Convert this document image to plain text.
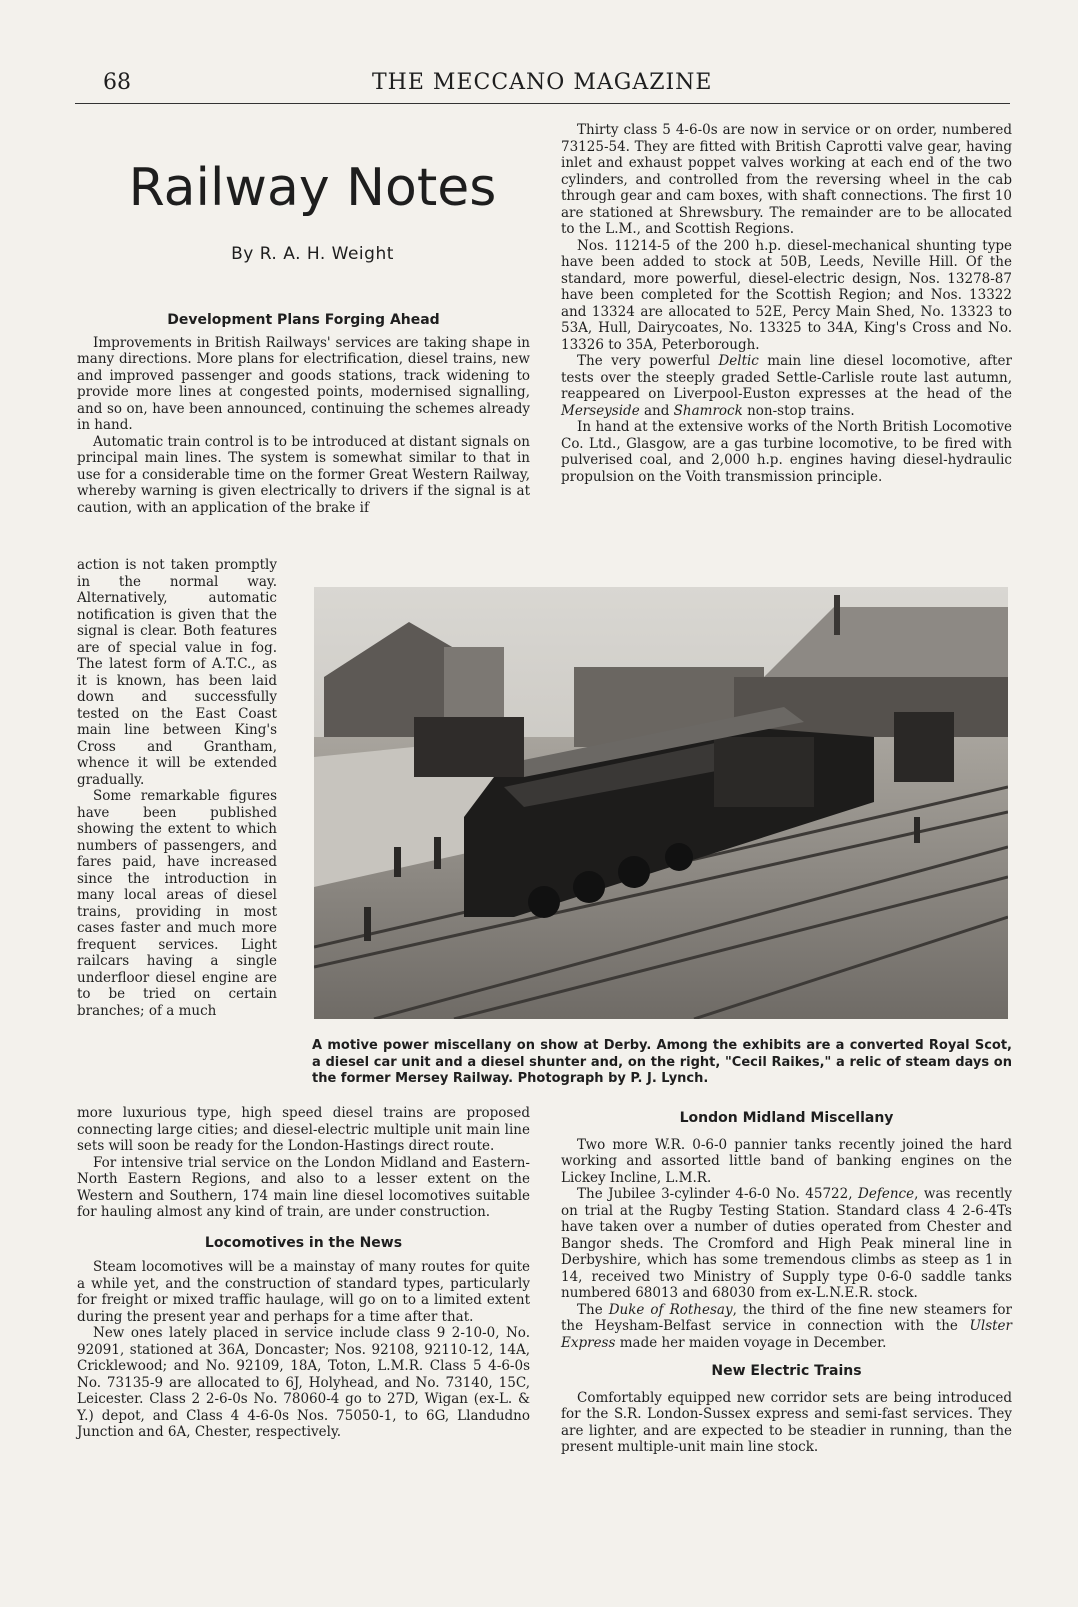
68	THE MECCANO MAGAZINE
Railway Notes
By R. A. H. Weight

Development Plans Forging Ahead

Improvements in British Railways' services are taking shape in many directions. More plans for electrification, diesel trains, new and improved passenger and goods stations, track widening to provide more lines at congested points, modernised signalling, and so on, have been announced, continuing the schemes already in hand.

Automatic train control is to be introduced at distant signals on principal main lines. The system is somewhat similar to that in use for a considerable time on the former Great Western Railway, whereby warning is given electrically to drivers if the signal is at caution, with an application of the brake if

action is not taken promptly in the normal way. Alternatively, automatic notification is given that the signal is clear. Both features are of special value in fog. The latest form of A.T.C., as it is known, has been laid down and successfully tested on the East Coast main line between King's Cross and Grantham, whence it will be extended gradually.

Some remarkable figures have been published showing the extent to which numbers of passengers, and fares paid, have increased since the introduction in many local areas of diesel trains, providing in most cases faster and much more frequent services. Light railcars having a single underfloor diesel engine are to be tried on certain branches; of a much

A motive power miscellany on show at Derby. Among the exhibits are a converted Royal Scot, a diesel car unit and a diesel shunter and, on the right, "Cecil Raikes," a relic of steam days on the former Mersey Railway. Photograph by P. J. Lynch.

more luxurious type, high speed diesel trains are proposed connecting large cities; and diesel-electric multiple unit main line sets will soon be ready for the London-Hastings direct route.

For intensive trial service on the London Midland and Eastern-North Eastern Regions, and also to a lesser extent on the Western and Southern, 174 main line diesel locomotives suitable for hauling almost any kind of train, are under construction.

Locomotives in the News

Steam locomotives will be a mainstay of many routes for quite a while yet, and the construction of standard types, particularly for freight or mixed traffic haulage, will go on to a limited extent during the present year and perhaps for a time after that.

New ones lately placed in service include class 9 2-10-0, No. 92091, stationed at 36A, Doncaster; Nos. 92108, 92110-12, 14A, Cricklewood; and No. 92109, 18A, Toton, L.M.R. Class 5 4-6-0s No. 73135-9 are allocated to 6J, Holyhead, and No. 73140, 15C, Leicester. Class 2 2-6-0s No. 78060-4 go to 27D, Wigan (ex-L. & Y.) depot, and Class 4 4-6-0s Nos. 75050-1, to 6G, Llandudno Junction and 6A, Chester, respectively.

Thirty class 5 4-6-0s are now in service or on order, numbered 73125-54. They are fitted with British Caprotti valve gear, having inlet and exhaust poppet valves working at each end of the two cylinders, and controlled from the reversing wheel in the cab through gear and cam boxes, with shaft connections. The first 10 are stationed at Shrewsbury. The remainder are to be allocated to the L.M., and Scottish Regions.

Nos. 11214-5 of the 200 h.p. diesel-mechanical shunting type have been added to stock at 50B, Leeds, Neville Hill. Of the standard, more powerful, diesel-electric design, Nos. 13278-87 have been completed for the Scottish Region; and Nos. 13322 and 13324 are allocated to 52E, Percy Main Shed, No. 13323 to 53A, Hull, Dairycoates, No. 13325 to 34A, King's Cross and No. 13326 to 35A, Peterborough.

The very powerful Deltic main line diesel locomotive, after tests over the steeply graded Settle-Carlisle route last autumn, reappeared on Liverpool-Euston expresses at the head of the Merseyside and Shamrock non-stop trains.

In hand at the extensive works of the North British Locomotive Co. Ltd., Glasgow, are a gas turbine locomotive, to be fired with pulverised coal, and 2,000 h.p. engines having diesel-hydraulic propulsion on the Voith transmission principle.

London Midland Miscellany

Two more W.R. 0-6-0 pannier tanks recently joined the hard working and assorted little band of banking engines on the Lickey Incline, L.M.R.

The Jubilee 3-cylinder 4-6-0 No. 45722, Defence, was recently on trial at the Rugby Testing Station. Standard class 4 2-6-4Ts have taken over a number of duties operated from Chester and Bangor sheds. The Cromford and High Peak mineral line in Derbyshire, which has some tremendous climbs as steep as 1 in 14, received two Ministry of Supply type 0-6-0 saddle tanks numbered 68013 and 68030 from ex-L.N.E.R. stock.

The Duke of Rothesay, the third of the fine new steamers for the Heysham-Belfast service in connection with the Ulster Express made her maiden voyage in December.

New Electric Trains

Comfortably equipped new corridor sets are being introduced for the S.R. London-Sussex express and semi-fast services. They are lighter, and are expected to be steadier in running, than the present multiple-unit main line stock.
